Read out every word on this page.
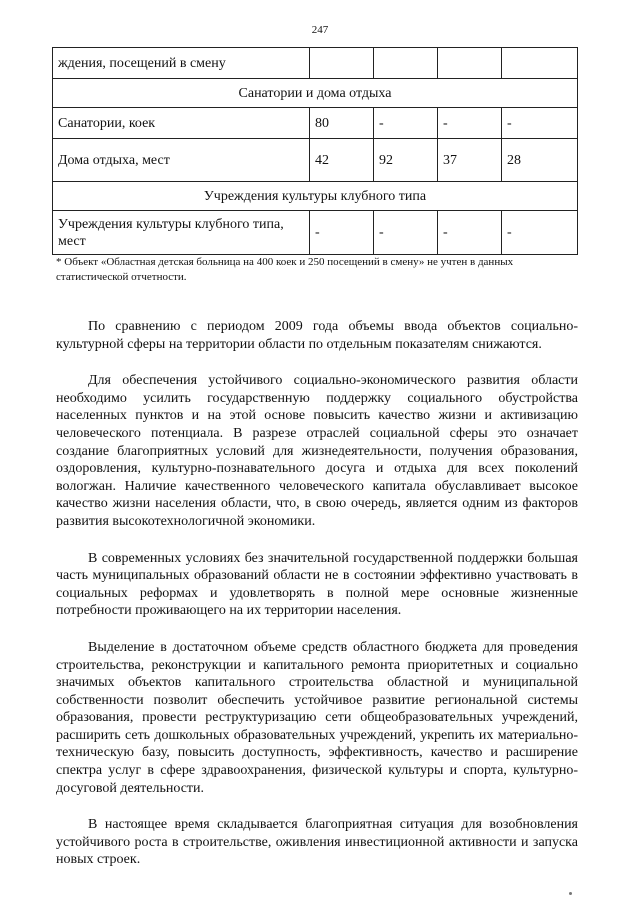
247
ждения, посещений в смену				
Санатории и дома отдыха				
Санатории, коек	80	-	-	-
Дома отдыха, мест	42	92	37	28
Учреждения культуры клубного типа				
Учреждения культуры клубного типа, мест	-	-	-	-
* Объект «Областная детская больница на 400 коек и 250 посещений в смену» не учтен в данных статистической отчетности.

По сравнению с периодом 2009 года объемы ввода объектов социально-культурной сферы на территории области по отдельным показателям снижаются.

Для обеспечения устойчивого социально-экономического развития области необходимо усилить государственную поддержку социального обустройства населенных пунктов и на этой основе повысить качество жизни и активизацию человеческого потенциала. В разрезе отраслей социальной сферы это означает создание благоприятных условий для жизнедеятельности, получения образования, оздоровления, культурно-познавательного досуга и отдыха для всех поколений вологжан. Наличие качественного человеческого капитала обуславливает высокое качество жизни населения области, что, в свою очередь, является одним из факторов развития высокотехнологичной экономики.

В современных условиях без значительной государственной поддержки большая часть муниципальных образований области не в состоянии эффективно участвовать в социальных реформах и удовлетворять в полной мере основные жизненные потребности проживающего на их территории населения.

Выделение в достаточном объеме средств областного бюджета для проведения строительства, реконструкции и капитального ремонта приоритетных и социально значимых объектов капитального строительства областной и муниципальной собственности позволит обеспечить устойчивое развитие региональной системы образования, провести реструктуризацию сети общеобразовательных учреждений, расширить сеть дошкольных образовательных учреждений, укрепить их материально-техническую базу, повысить доступность, эффективность, качество и расширение спектра услуг в сфере здравоохранения, физической культуры и спорта, культурно-досуговой деятельности.

В настоящее время складывается благоприятная ситуация для возобновления устойчивого роста в строительстве, оживления инвестиционной активности и запуска новых строек.
